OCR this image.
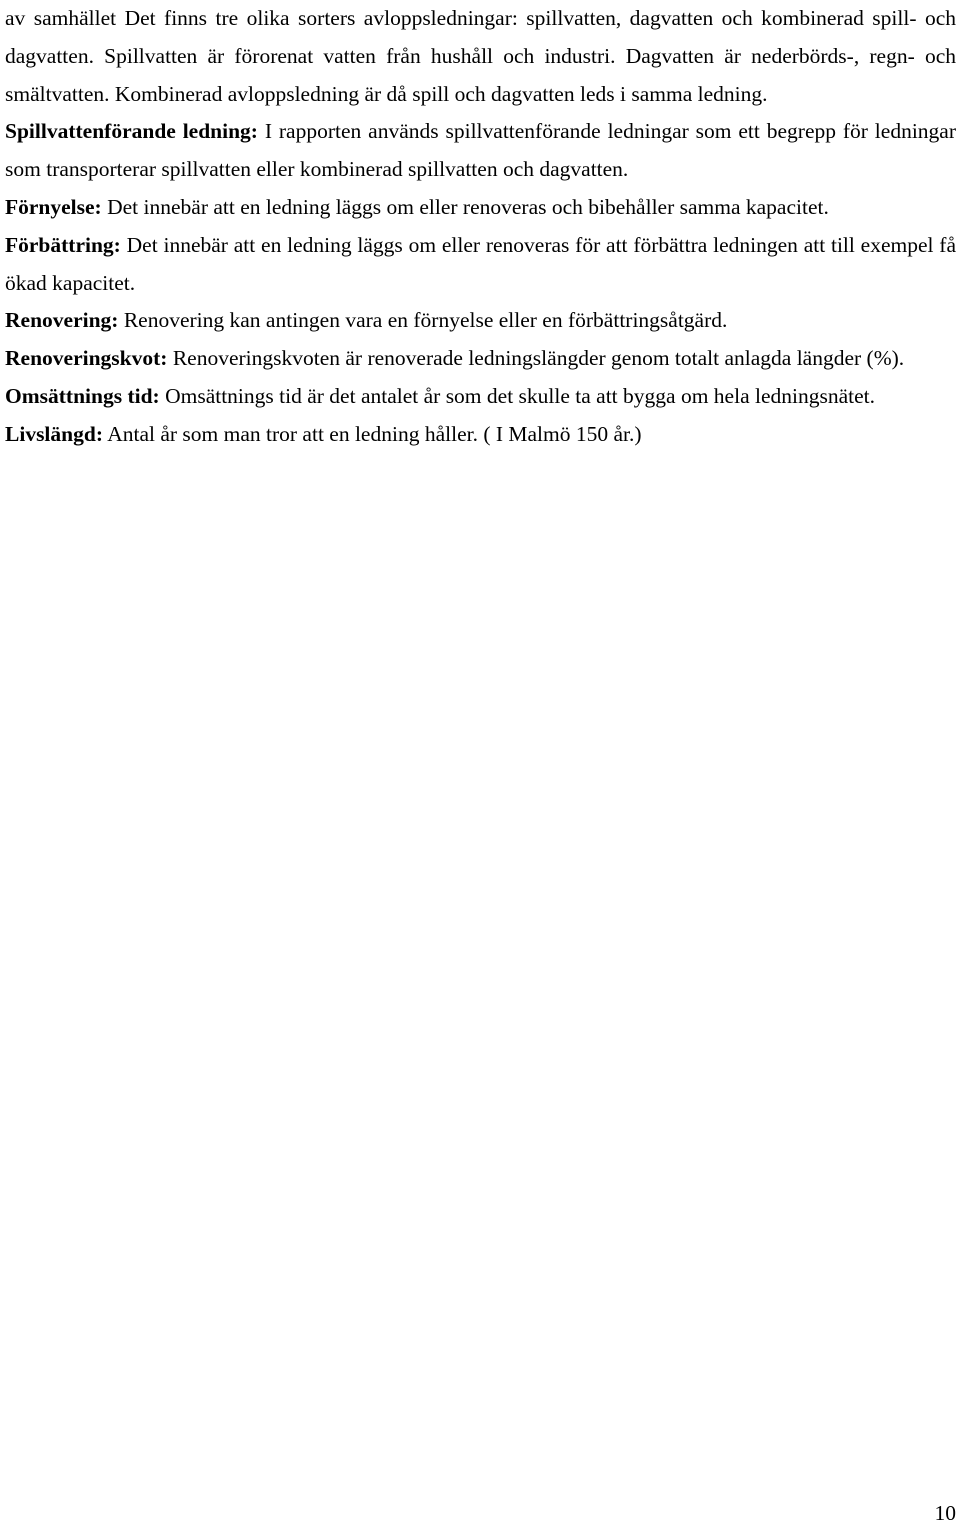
av samhället Det finns tre olika sorters avloppsledningar: spillvatten, dagvatten och kombinerad spill- och dagvatten. Spillvatten är förorenat vatten från hushåll och industri. Dagvatten är nederbörds-, regn- och smältvatten. Kombinerad avloppsledning är då spill och dagvatten leds i samma ledning.

Spillvattenförande ledning: I rapporten används spillvattenförande ledningar som ett begrepp för ledningar som transporterar spillvatten eller kombinerad spillvatten och dagvatten.

Förnyelse: Det innebär att en ledning läggs om eller renoveras och bibehåller samma kapacitet.

Förbättring: Det innebär att en ledning läggs om eller renoveras för att förbättra ledningen att till exempel få ökad kapacitet.

Renovering: Renovering kan antingen vara en förnyelse eller en förbättringsåtgärd.

Renoveringskvot: Renoveringskvoten är renoverade ledningslängder genom totalt anlagda längder (%).

Omsättnings tid: Omsättnings tid är det antalet år som det skulle ta att bygga om hela ledningsnätet.

Livslängd: Antal år som man tror att en ledning håller. ( I Malmö 150 år.)

10
